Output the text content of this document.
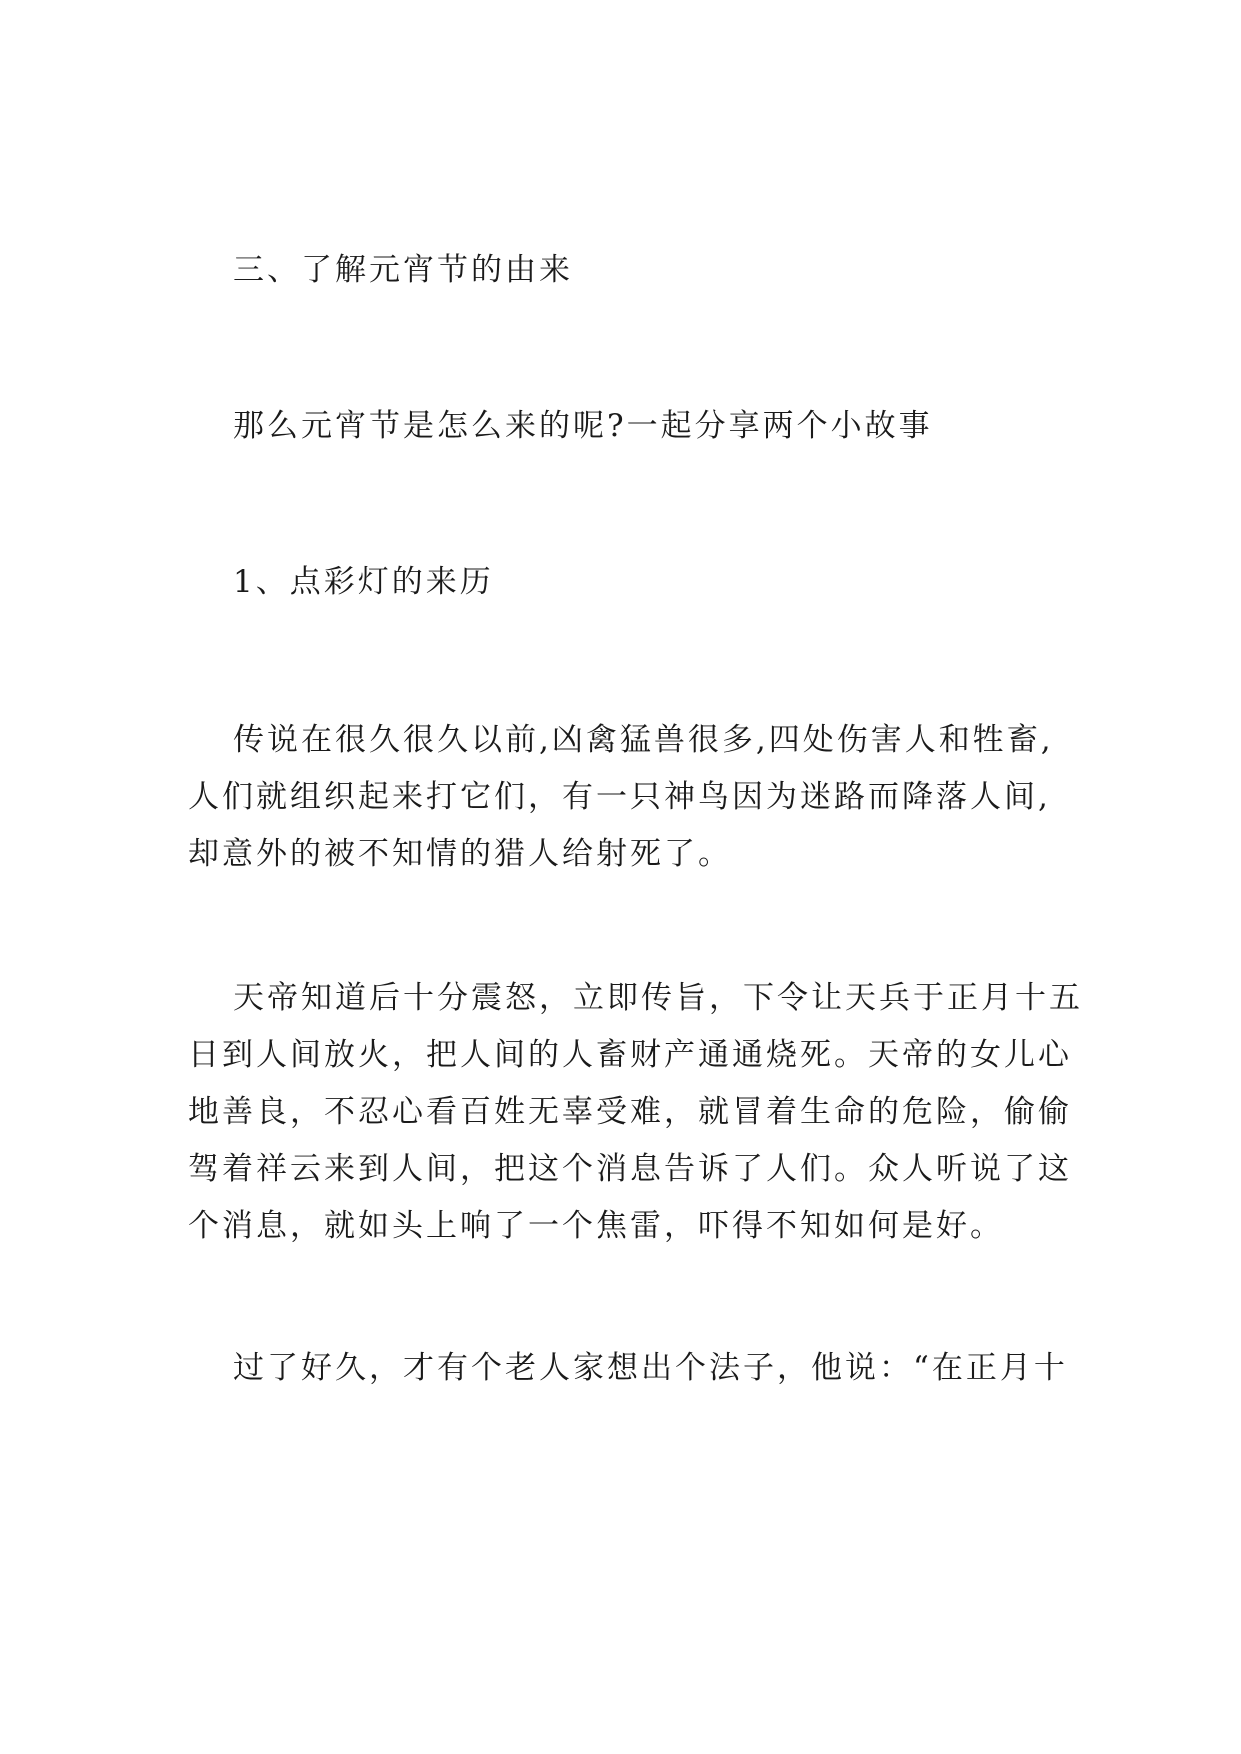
三、了解元宵节的由来
那么元宵节是怎么来的呢?一起分享两个小故事
1、点彩灯的来历
传说在很久很久以前,凶禽猛兽很多,四处伤害人和牲畜,
人们就组织起来打它们，有一只神鸟因为迷路而降落人间,
却意外的被不知情的猎人给射死了。
天帝知道后十分震怒，立即传旨，下令让天兵于正月十五
日到人间放火，把人间的人畜财产通通烧死。天帝的女儿心
地善良，不忍心看百姓无辜受难，就冒着生命的危险，偷偷
驾着祥云来到人间，把这个消息告诉了人们。众人听说了这
个消息，就如头上响了一个焦雷，吓得不知如何是好。
过了好久，才有个老人家想出个法子，他说：“在正月十
